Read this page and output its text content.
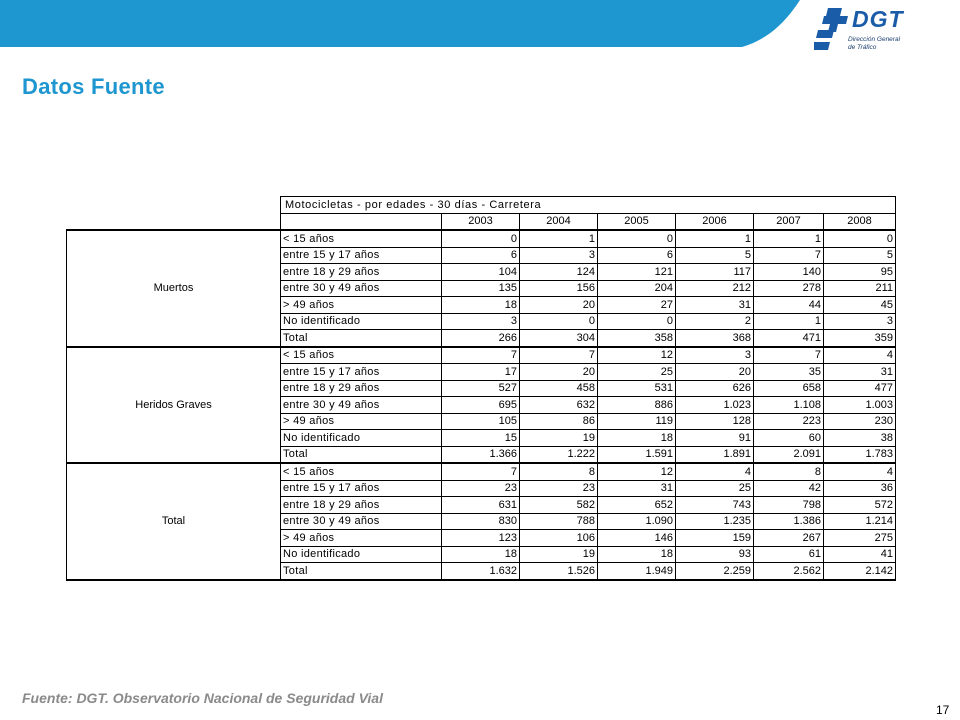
DGT
Dirección General
de Tráfico
Datos Fuente
	Motocicletas - por edades - 30 días - Carretera						
		2003	2004	2005	2006	2007	2008
Muertos	< 15 años	0	1	0	1	1	0
	entre 15 y 17 años	6	3	6	5	7	5
	entre 18 y 29 años	104	124	121	117	140	95
	entre 30 y 49 años	135	156	204	212	278	211
	> 49 años	18	20	27	31	44	45
	No identificado	3	0	0	2	1	3
	Total	266	304	358	368	471	359
Heridos Graves	< 15 años	7	7	12	3	7	4
	entre 15 y 17 años	17	20	25	20	35	31
	entre 18 y 29 años	527	458	531	626	658	477
	entre 30 y 49 años	695	632	886	1.023	1.108	1.003
	> 49 años	105	86	119	128	223	230
	No identificado	15	19	18	91	60	38
	Total	1.366	1.222	1.591	1.891	2.091	1.783
Total	< 15 años	7	8	12	4	8	4
	entre 15 y 17 años	23	23	31	25	42	36
	entre 18 y 29 años	631	582	652	743	798	572
	entre 30 y 49 años	830	788	1.090	1.235	1.386	1.214
	> 49 años	123	106	146	159	267	275
	No identificado	18	19	18	93	61	41
	Total	1.632	1.526	1.949	2.259	2.562	2.142
Fuente: DGT. Observatorio Nacional de Seguridad Vial
17
